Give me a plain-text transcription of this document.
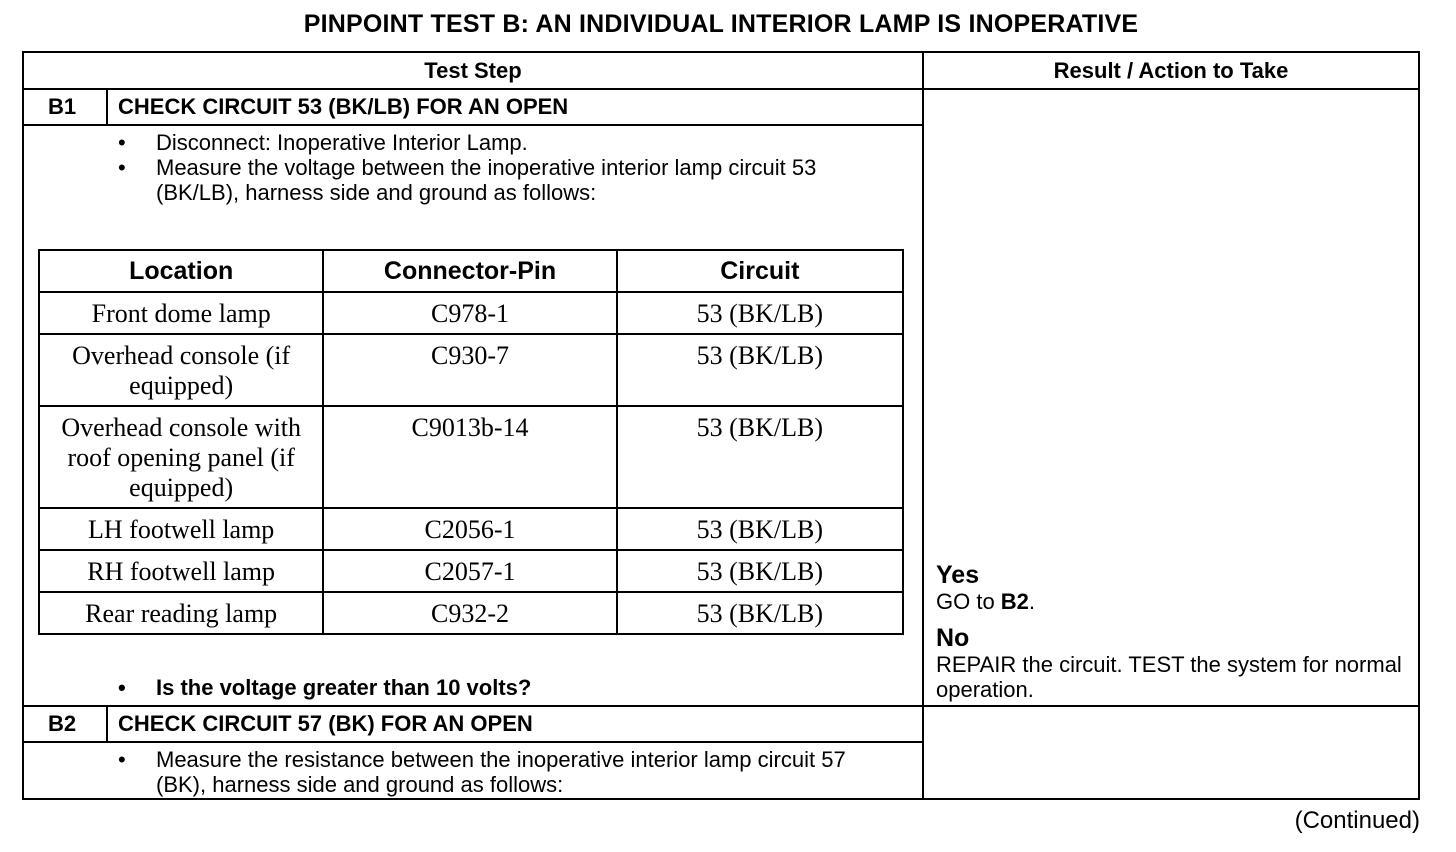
PINPOINT TEST B: AN INDIVIDUAL INTERIOR LAMP IS INOPERATIVE
Test Step	Result / Action to Take
B1 CHECK CIRCUIT 53 (BK/LB) FOR AN OPEN
• Disconnect: Inoperative Interior Lamp.
• Measure the voltage between the inoperative interior lamp circuit 53 (BK/LB), harness side and ground as follows:
Location	Connector-Pin	Circuit
Front dome lamp	C978-1	53 (BK/LB)
Overhead console (if equipped)	C930-7	53 (BK/LB)
Overhead console with roof opening panel (if equipped)	C9013b-14	53 (BK/LB)
LH footwell lamp	C2056-1	53 (BK/LB)
RH footwell lamp	C2057-1	53 (BK/LB)
Rear reading lamp	C932-2	53 (BK/LB)
• Is the voltage greater than 10 volts?
Yes
GO to B2.
No
REPAIR the circuit. TEST the system for normal operation.
B2 CHECK CIRCUIT 57 (BK) FOR AN OPEN
• Measure the resistance between the inoperative interior lamp circuit 57 (BK), harness side and ground as follows:
(Continued)
